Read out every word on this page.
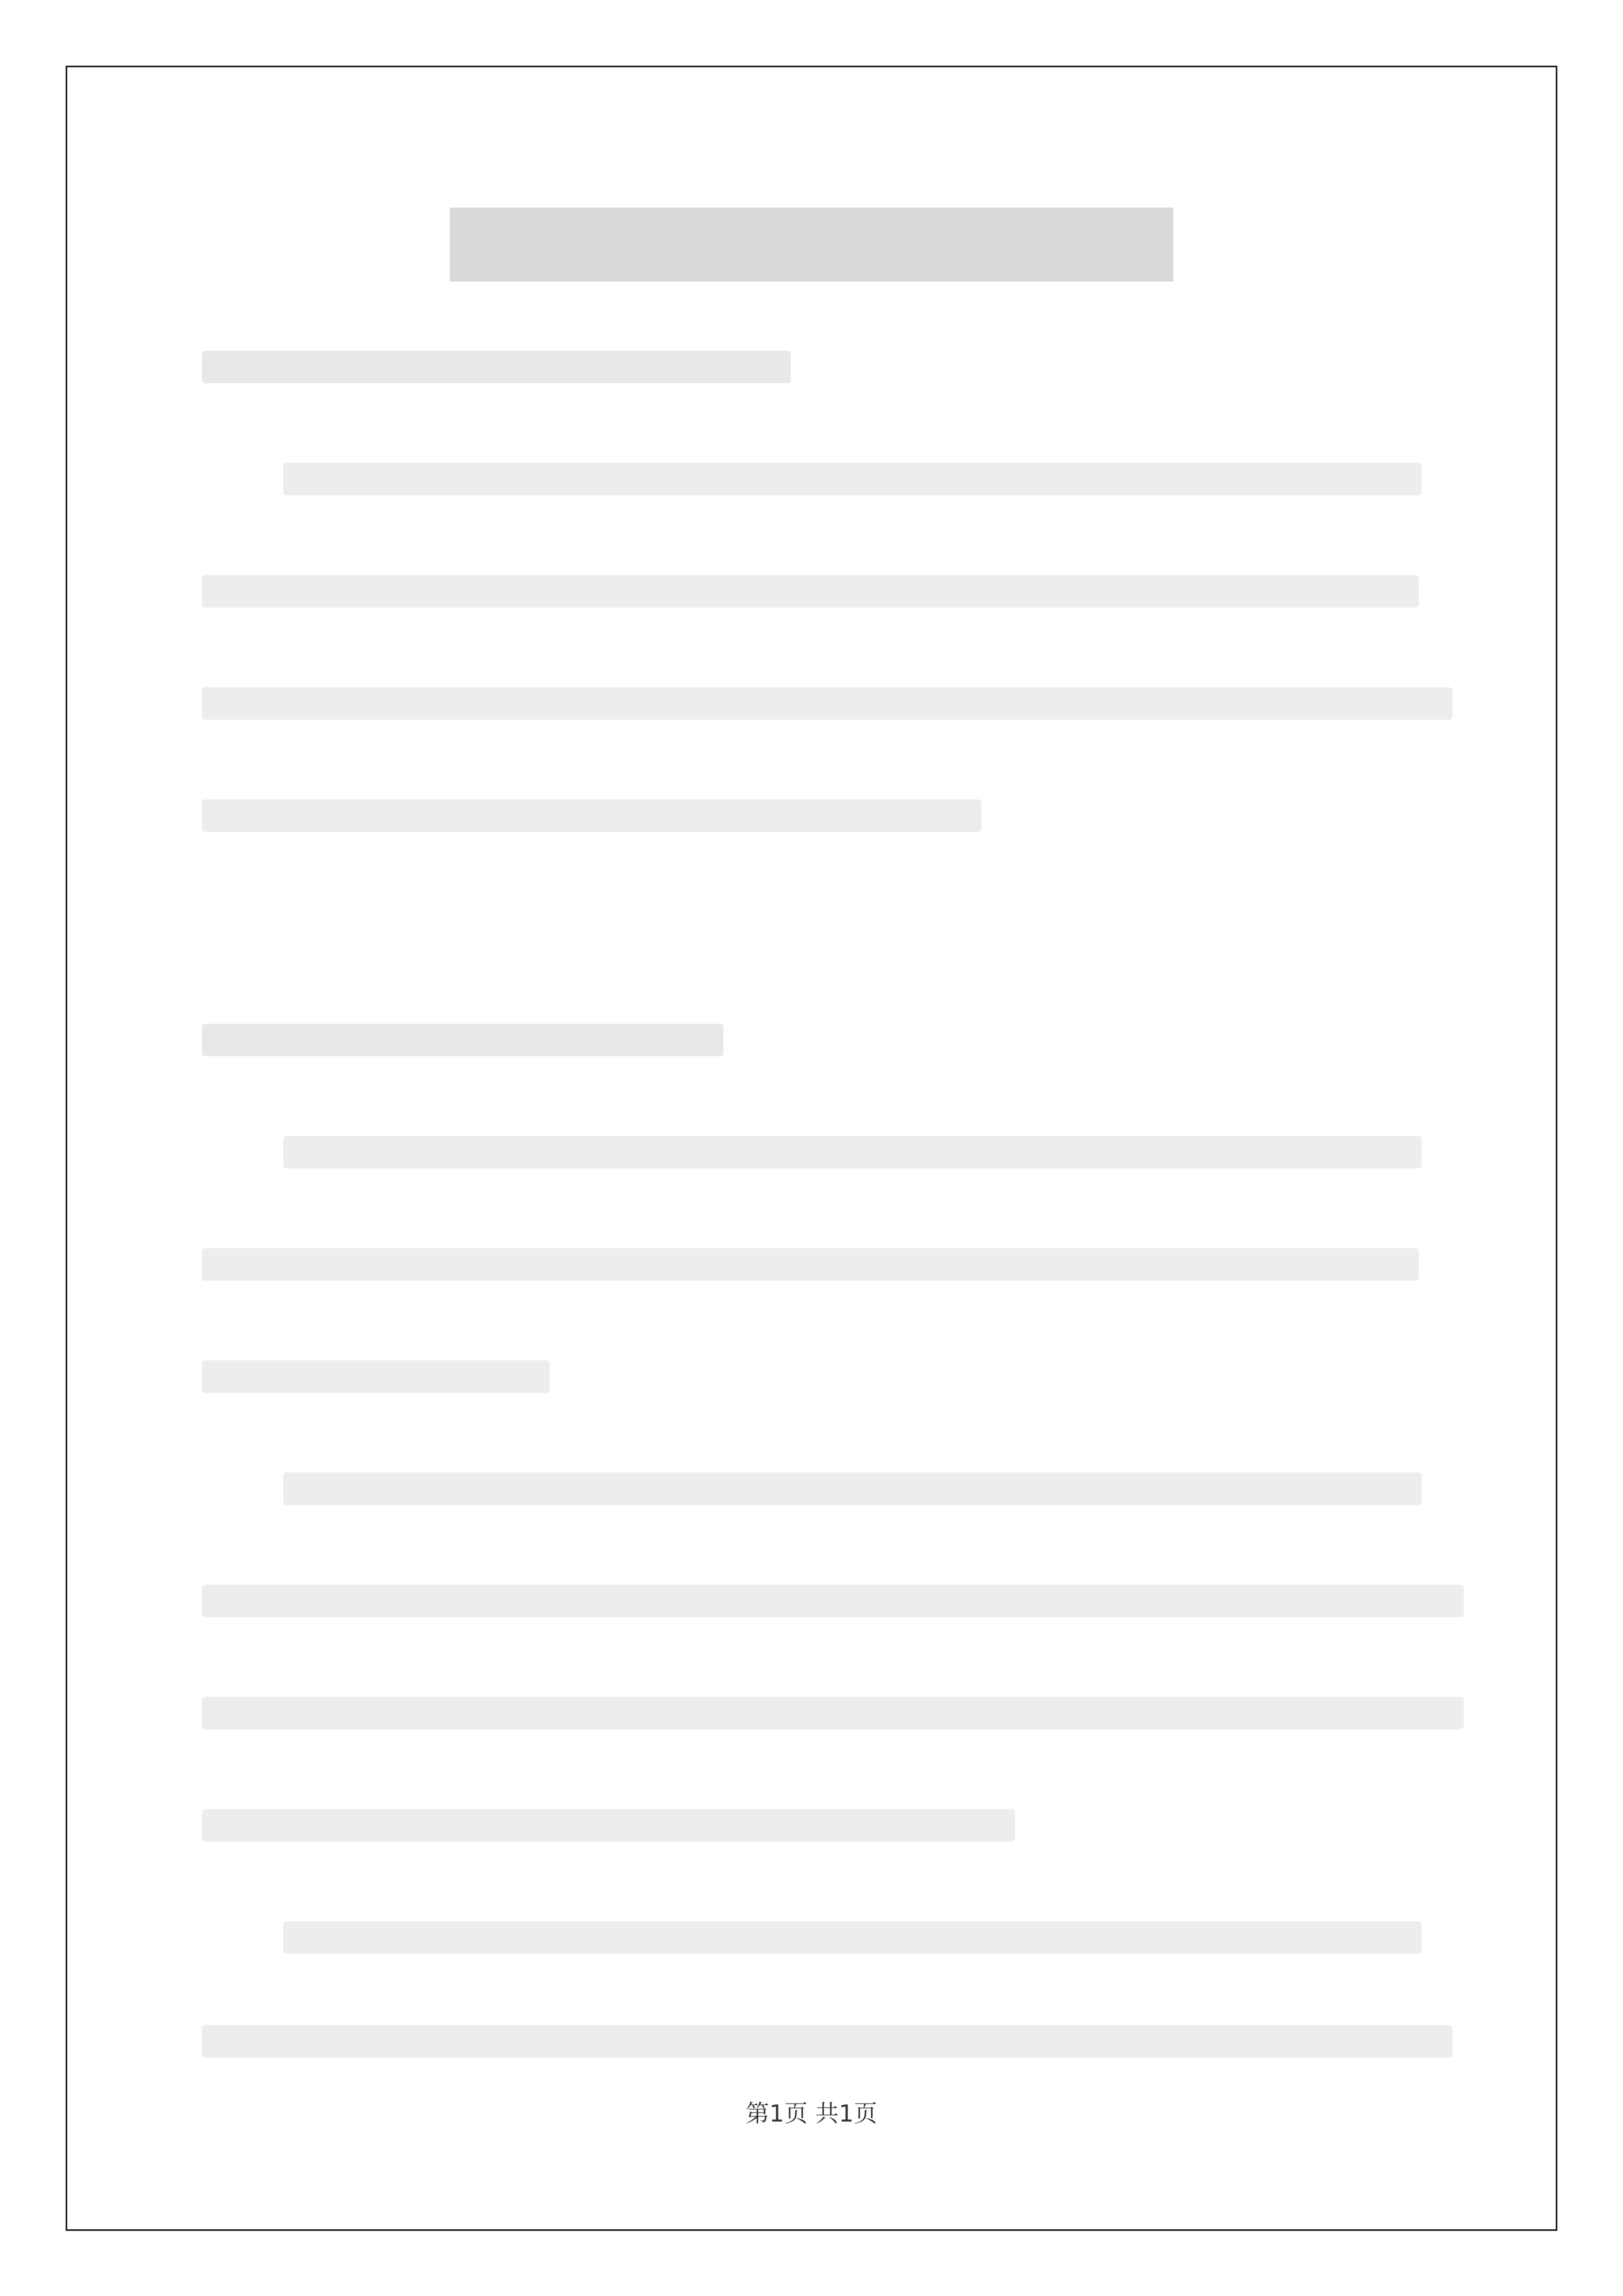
第1页 共1页
